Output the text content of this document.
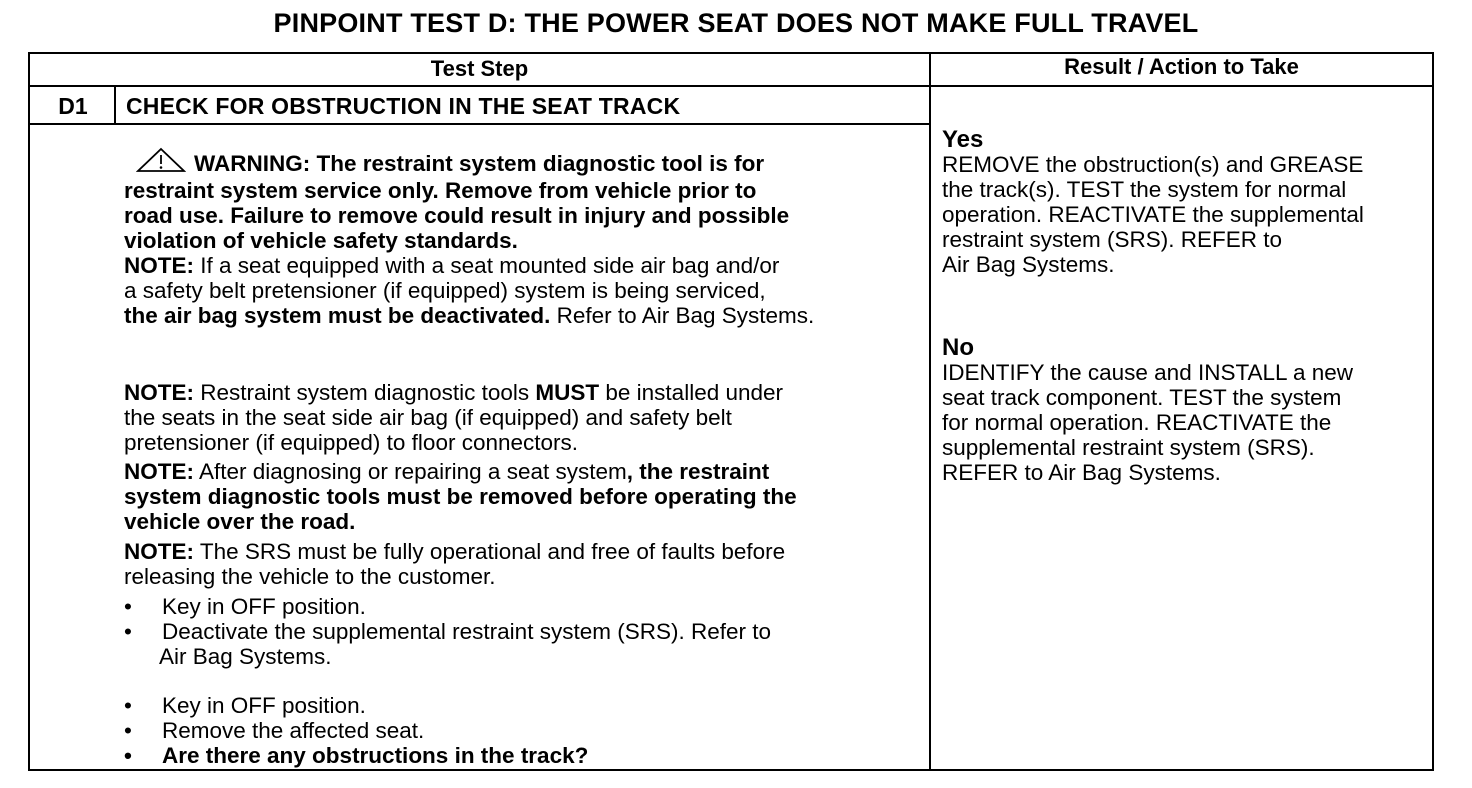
PINPOINT TEST D: THE POWER SEAT DOES NOT MAKE FULL TRAVEL
Test Step	Result / Action to Take
D1	CHECK FOR OBSTRUCTION IN THE SEAT TRACK
WARNING: The restraint system diagnostic tool is for
restraint system service only. Remove from vehicle prior to
road use. Failure to remove could result in injury and possible
violation of vehicle safety standards.
NOTE: If a seat equipped with a seat mounted side air bag and/or
a safety belt pretensioner (if equipped) system is being serviced,
the air bag system must be deactivated. Refer to Air Bag Systems.
NOTE: Restraint system diagnostic tools MUST be installed under
the seats in the seat side air bag (if equipped) and safety belt
pretensioner (if equipped) to floor connectors.
NOTE: After diagnosing or repairing a seat system, the restraint
system diagnostic tools must be removed before operating the
vehicle over the road.
NOTE: The SRS must be fully operational and free of faults before
releasing the vehicle to the customer.
• Key in OFF position.
• Deactivate the supplemental restraint system (SRS). Refer to
Air Bag Systems.
• Key in OFF position.
• Remove the affected seat.
• Are there any obstructions in the track?
Yes
REMOVE the obstruction(s) and GREASE
the track(s). TEST the system for normal
operation. REACTIVATE the supplemental
restraint system (SRS). REFER to
Air Bag Systems.
No
IDENTIFY the cause and INSTALL a new
seat track component. TEST the system
for normal operation. REACTIVATE the
supplemental restraint system (SRS).
REFER to Air Bag Systems.
